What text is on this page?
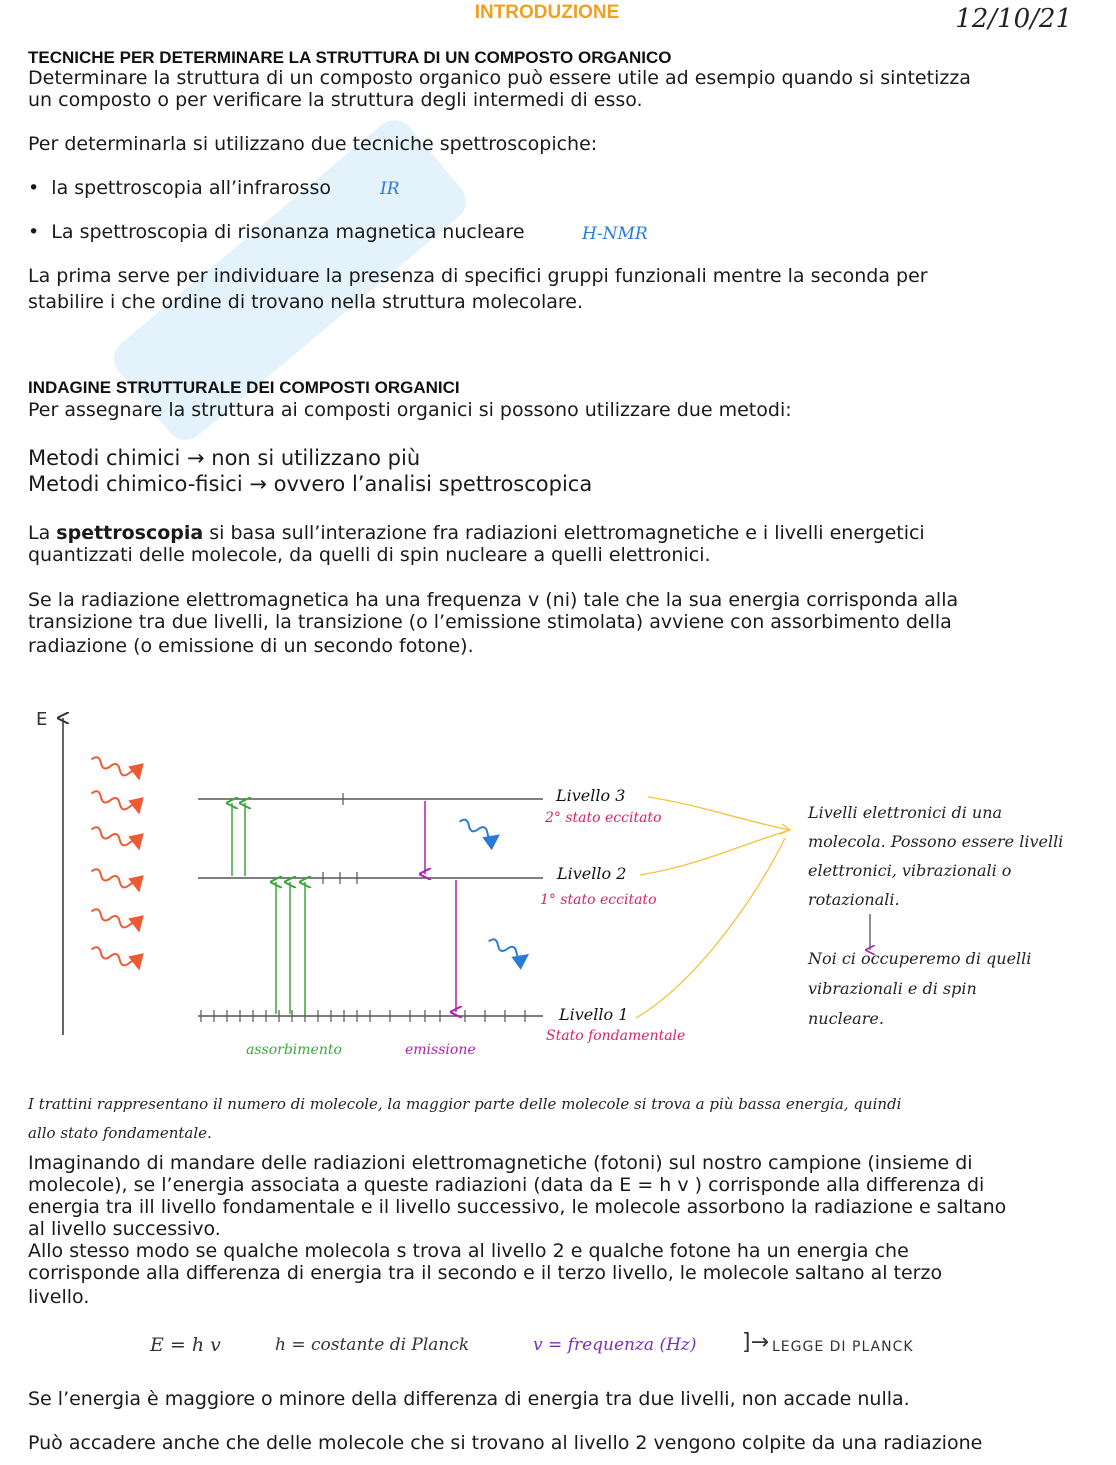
INTRODUZIONE	12/10/21
TECNICHE PER DETERMINARE LA STRUTTURA DI UN COMPOSTO ORGANICO
Determinare la struttura di un composto organico può essere utile ad esempio quando si sintetizza
un composto o per verificare la struttura degli intermedi di esso.
Per determinarla si utilizzano due tecniche spettroscopiche:
•  la spettroscopia all’infrarosso	IR
•  La spettroscopia di risonanza magnetica nucleare	H-NMR
La prima serve per individuare la presenza di specifici gruppi funzionali mentre la seconda per
stabilire i che ordine di trovano nella struttura molecolare.
INDAGINE STRUTTURALE DEI COMPOSTI ORGANICI
Per assegnare la struttura ai composti organici si possono utilizzare due metodi:
Metodi chimici → non si utilizzano più
Metodi chimico-fisici → ovvero l’analisi spettroscopica
La spettroscopia si basa sull’interazione fra radiazioni elettromagnetiche e i livelli energetici
quantizzati delle molecole, da quelli di spin nucleare a quelli elettronici.
Se la radiazione elettromagnetica ha una frequenza v (ni) tale che la sua energia corrisponda alla
transizione tra due livelli, la transizione (o l’emissione stimolata) avviene con assorbimento della
radiazione (o emissione di un secondo fotone).
E
Livello 3
2° stato eccitato
Livello 2
1° stato eccitato
Livello 1
Stato fondamentale
assorbimento	emissione
Livelli elettronici di una
molecola. Possono essere livelli
elettronici, vibrazionali o
rotazionali.
Noi ci occuperemo di quelli
vibrazionali e di spin
nucleare.
I trattini rappresentano il numero di molecole, la maggior parte delle molecole si trova a più bassa energia, quindi
allo stato fondamentale.
Imaginando di mandare delle radiazioni elettromagnetiche (fotoni) sul nostro campione (insieme di
molecole), se l’energia associata a queste radiazioni (data da E = h v ) corrisponde alla differenza di
energia tra ill livello fondamentale e il livello successivo, le molecole assorbono la radiazione e saltano
al livello successivo.
Allo stesso modo se qualche molecola s trova al livello 2 e qualche fotone ha un energia che
corrisponde alla differenza di energia tra il secondo e il terzo livello, le molecole saltano al terzo
livello.
E = h v	h = costante di Planck	v = frequenza (Hz) ]→ LEGGE DI PLANCK
Se l’energia è maggiore o minore della differenza di energia tra due livelli, non accade nulla.
Può accadere anche che delle molecole che si trovano al livello 2 vengono colpite da una radiazione
